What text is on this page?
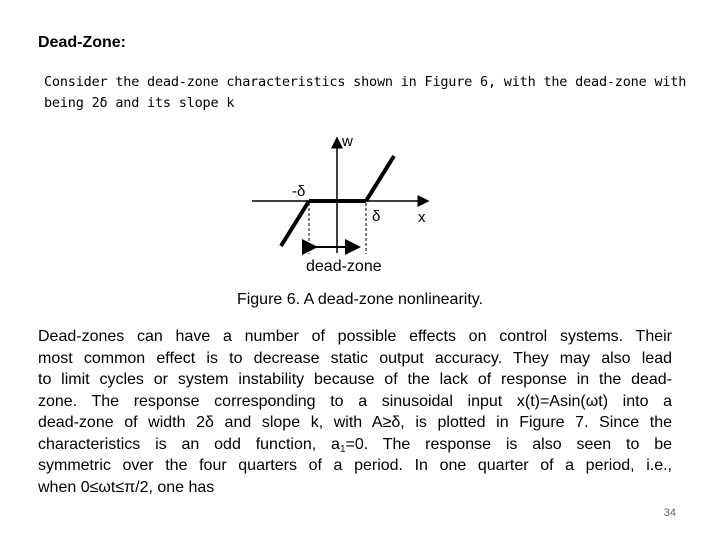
Dead-Zone:
Consider the dead-zone characteristics shown in Figure 6, with the dead-zone with
being 2δ and its slope k
w
x
-δ
δ
dead-zone
Figure 6. A dead-zone nonlinearity.
Dead-zones can have a number of possible effects on control systems. Their
most common effect is to decrease static output accuracy. They may also lead
to limit cycles or system instability because of the lack of response in the dead-
zone. The response corresponding to a sinusoidal input x(t)=Asin(ωt) into a
dead-zone of width 2δ and slope k, with A≥δ, is plotted in Figure 7. Since the
characteristics is an odd function, $a_1=0$. The response is also seen to be
symmetric over the four quarters of a period. In one quarter of a period, i.e.,
when 0≤ωt≤π/2, one has
34
